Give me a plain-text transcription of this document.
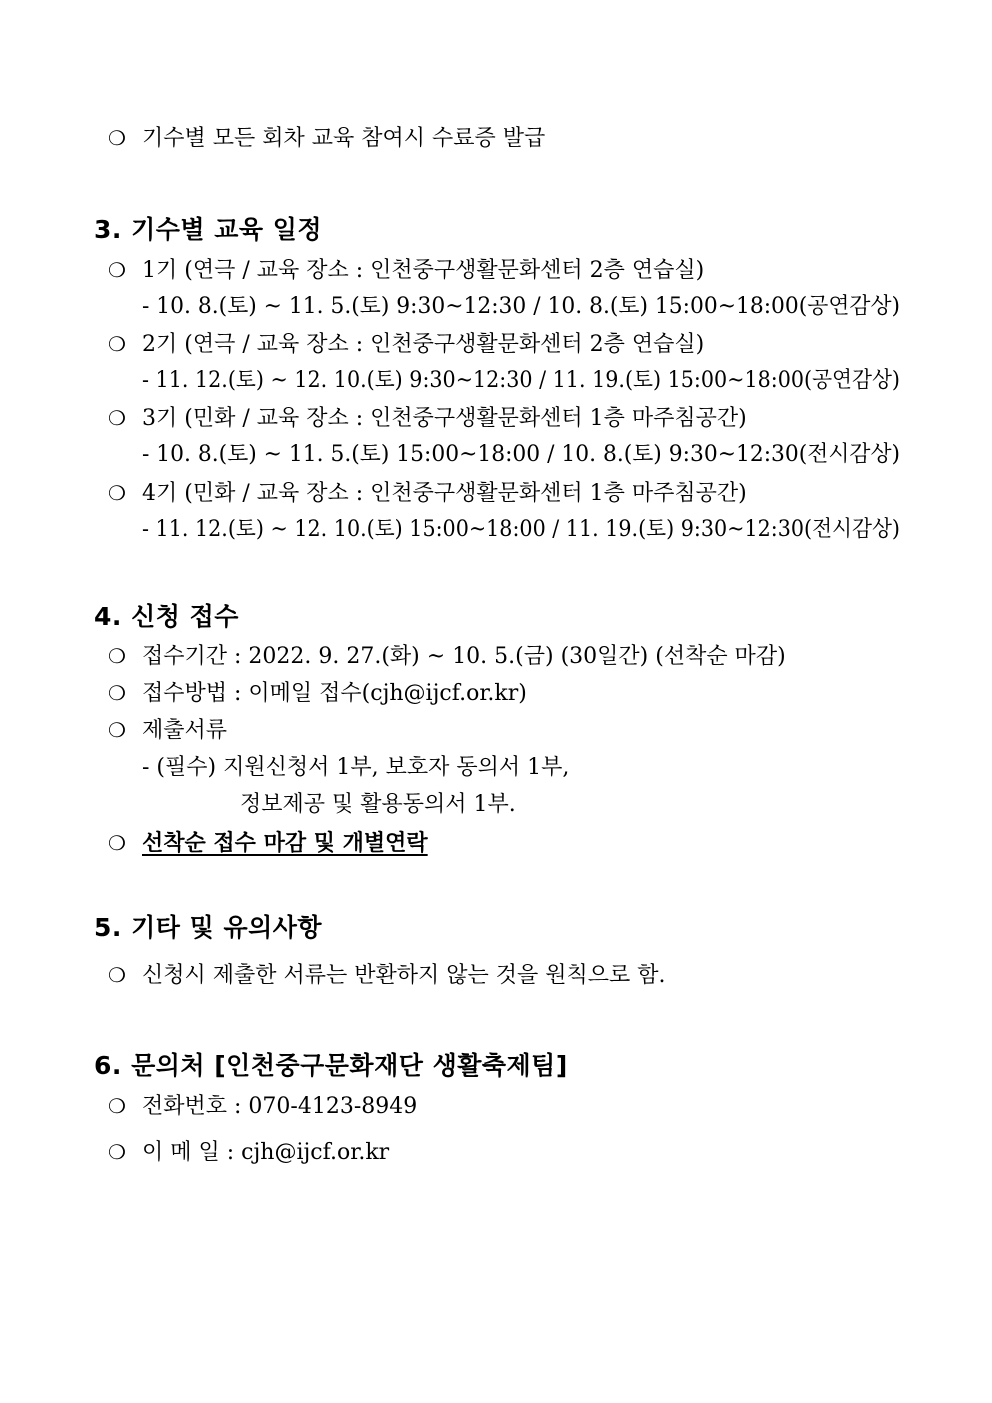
❍ 기수별 모든 회차 교육 참여시 수료증 발급
3. 기수별 교육 일정
❍ 1기 (연극 / 교육 장소 : 인천중구생활문화센터 2층 연습실)
- 10. 8.(토) ~ 11. 5.(토) 9:30~12:30 / 10. 8.(토) 15:00~18:00(공연감상)
❍ 2기 (연극 / 교육 장소 : 인천중구생활문화센터 2층 연습실)
- 11. 12.(토) ~ 12. 10.(토) 9:30~12:30 / 11. 19.(토) 15:00~18:00(공연감상)
❍ 3기 (민화 / 교육 장소 : 인천중구생활문화센터 1층 마주침공간)
- 10. 8.(토) ~ 11. 5.(토) 15:00~18:00 / 10. 8.(토) 9:30~12:30(전시감상)
❍ 4기 (민화 / 교육 장소 : 인천중구생활문화센터 1층 마주침공간)
- 11. 12.(토) ~ 12. 10.(토) 15:00~18:00 / 11. 19.(토) 9:30~12:30(전시감상)
4. 신청 접수
❍ 접수기간 : 2022. 9. 27.(화) ~ 10. 5.(금) (30일간) (선착순 마감)
❍ 접수방법 : 이메일 접수(cjh@ijcf.or.kr)
❍ 제출서류
- (필수) 지원신청서 1부, 보호자 동의서 1부,
정보제공 및 활용동의서 1부.
❍ 선착순 접수 마감 및 개별연락
5. 기타 및 유의사항
❍ 신청시 제출한 서류는 반환하지 않는 것을 원칙으로 함.
6. 문의처 [인천중구문화재단 생활축제팀]
❍ 전화번호 : 070-4123-8949
❍ 이 메 일 : cjh@ijcf.or.kr
